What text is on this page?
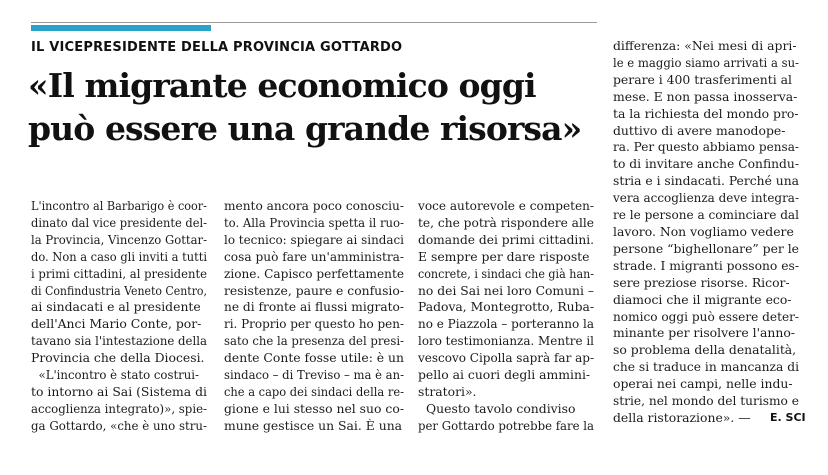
IL VICEPRESIDENTE DELLA PROVINCIA GOTTARDO
«Il migrante economico oggi
può essere una grande risorsa»
L'incontro al Barbarigo è coor-
dinato dal vice presidente del-
la Provincia, Vincenzo Gottar-
do. Non a caso gli inviti a tutti
i primi cittadini, al presidente
di Confindustria Veneto Centro,
ai sindacati e al presidente
dell'Anci Mario Conte, por-
tavano sia l'intestazione della
Provincia che della Diocesi.
«L'incontro è stato costrui-
to intorno ai Sai (Sistema di
accoglienza integrato)», spie-
ga Gottardo, «che è uno stru-
mento ancora poco conosciu-
to. Alla Provincia spetta il ruo-
lo tecnico: spiegare ai sindaci
cosa può fare un'amministra-
zione. Capisco perfettamente
resistenze, paure e confusio-
ne di fronte ai flussi migrato-
ri. Proprio per questo ho pen-
sato che la presenza del presi-
dente Conte fosse utile: è un
sindaco – di Treviso – ma è an-
che a capo dei sindaci della re-
gione e lui stesso nel suo co-
mune gestisce un Sai. È una
voce autorevole e competen-
te, che potrà rispondere alle
domande dei primi cittadini.
E sempre per dare risposte
concrete, i sindaci che già han-
no dei Sai nei loro Comuni –
Padova, Montegrotto, Ruba-
no e Piazzola – porteranno la
loro testimonianza. Mentre il
vescovo Cipolla saprà far ap-
pello ai cuori degli ammini-
stratori».
Questo tavolo condiviso
per Gottardo potrebbe fare la
differenza: «Nei mesi di apri-
le e maggio siamo arrivati a su-
perare i 400 trasferimenti al
mese. E non passa inosserva-
ta la richiesta del mondo pro-
duttivo di avere manodope-
ra. Per questo abbiamo pensa-
to di invitare anche Confindu-
stria e i sindacati. Perché una
vera accoglienza deve integra-
re le persone a cominciare dal
lavoro. Non vogliamo vedere
persone “bighellonare” per le
strade. I migranti possono es-
sere preziose risorse. Ricor-
diamoci che il migrante eco-
nomico oggi può essere deter-
minante per risolvere l'anno-
so problema della denatalità,
che si traduce in mancanza di
operai nei campi, nelle indu-
strie, nel mondo del turismo e
della ristorazione». —	E. SCI
